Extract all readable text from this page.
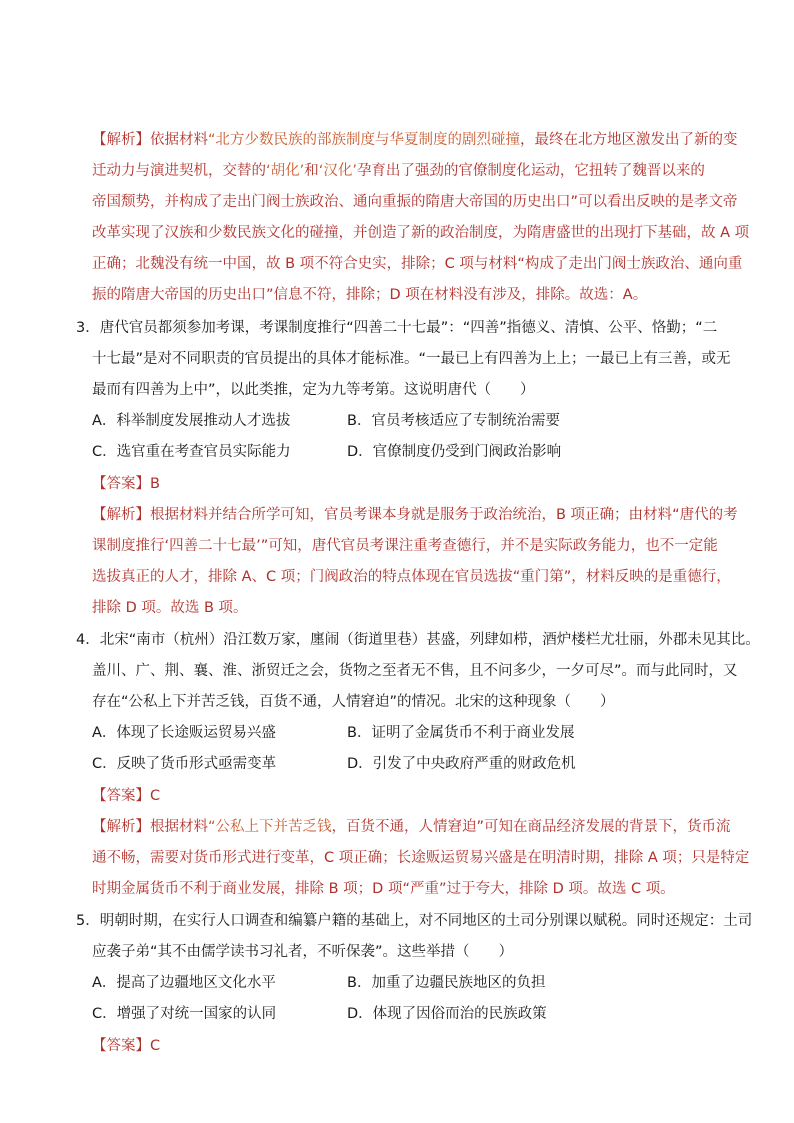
【解析】依据材料“北方少数民族的部族制度与华夏制度的剧烈碰撞，最终在北方地区激发出了新的变
迁动力与演进契机，交替的‘胡化’和‘汉化’孕育出了强劲的官僚制度化运动，它扭转了魏晋以来的
帝国颓势，并构成了走出门阀士族政治、通向重振的隋唐大帝国的历史出口”可以看出反映的是孝文帝
改革实现了汉族和少数民族文化的碰撞，并创造了新的政治制度，为隋唐盛世的出现打下基础，故 A 项
正确；北魏没有统一中国，故 B 项不符合史实，排除；C 项与材料“构成了走出门阀士族政治、通向重
振的隋唐大帝国的历史出口”信息不符，排除；D 项在材料没有涉及，排除。故选：A。
3．唐代官员都须参加考课，考课制度推行“四善二十七最”：“四善”指德义、清慎、公平、恪勤；“二
十七最”是对不同职责的官员提出的具体才能标准。“一最已上有四善为上上；一最已上有三善，或无
最而有四善为上中”，以此类推，定为九等考第。这说明唐代（　　）
A．科举制度发展推动人才选拔	B．官员考核适应了专制统治需要
C．选官重在考查官员实际能力	D．官僚制度仍受到门阀政治影响
【答案】B
【解析】根据材料并结合所学可知，官员考课本身就是服务于政治统治，B 项正确；由材料“唐代的考
课制度推行‘四善二十七最’”可知，唐代官员考课注重考查德行，并不是实际政务能力，也不一定能
选拔真正的人才，排除 A、C 项；门阀政治的特点体现在官员选拔“重门第”，材料反映的是重德行，
排除 D 项。故选 B 项。
4．北宋“南市（杭州）沿江数万家，廛闹（街道里巷）甚盛，列肆如栉，酒炉楼栏尤壮丽，外郡未见其比。
盖川、广、荆、襄、淮、浙贸迁之会，货物之至者无不售，且不问多少，一夕可尽”。而与此同时，又
存在“公私上下并苦乏钱，百货不通，人情窘迫”的情况。北宋的这种现象（　　）
A．体现了长途贩运贸易兴盛	B．证明了金属货币不利于商业发展
C．反映了货币形式亟需变革	D．引发了中央政府严重的财政危机
【答案】C
【解析】根据材料“公私上下并苦乏钱，百货不通，人情窘迫”可知在商品经济发展的背景下，货币流
通不畅，需要对货币形式进行变革，C 项正确；长途贩运贸易兴盛是在明清时期，排除 A 项；只是特定
时期金属货币不利于商业发展，排除 B 项；D 项“严重”过于夸大，排除 D 项。故选 C 项。
5．明朝时期，在实行人口调查和编纂户籍的基础上，对不同地区的土司分别课以赋税。同时还规定：土司
应袭子弟“其不由儒学读书习礼者，不听保袭”。这些举措（　　）
A．提高了边疆地区文化水平	B．加重了边疆民族地区的负担
C．增强了对统一国家的认同	D．体现了因俗而治的民族政策
【答案】C
